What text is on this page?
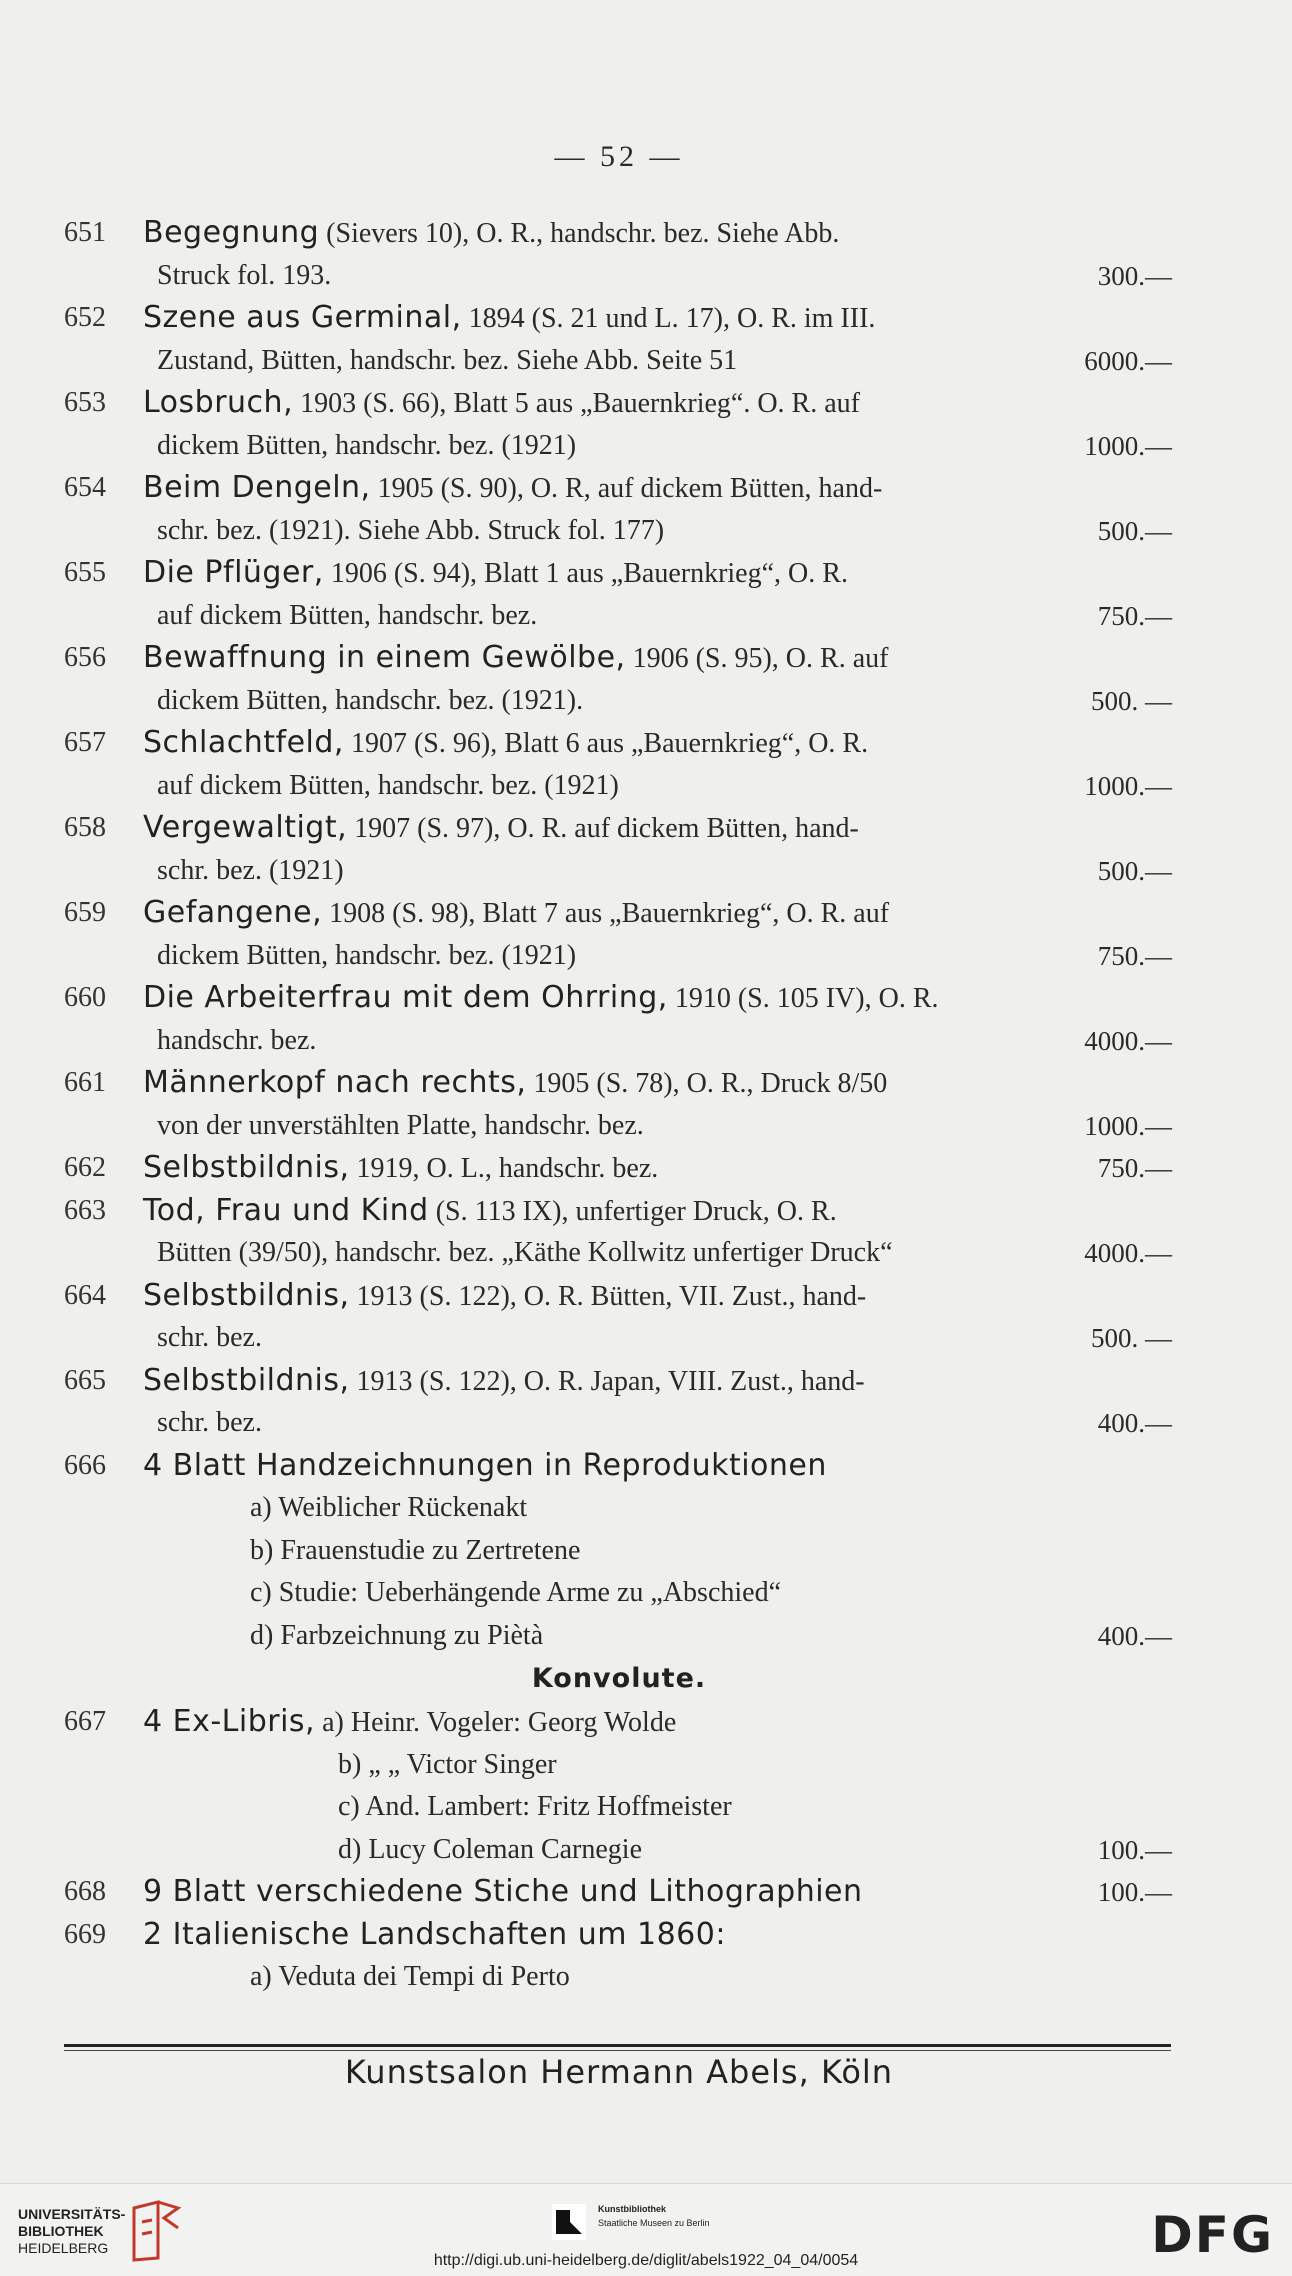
— 52 —
651	Begegnung (Sievers 10), O. R., handschr. bez. Siehe Abb.
Struck fol. 193.	300.—
652	Szene aus Germinal, 1894 (S. 21 und L. 17), O. R. im III.
Zustand, Bütten, handschr. bez. Siehe Abb. Seite 51	6000.—
653	Losbruch, 1903 (S. 66), Blatt 5 aus „Bauernkrieg“. O. R. auf
dickem Bütten, handschr. bez. (1921)	1000.—
654	Beim Dengeln, 1905 (S. 90), O. R, auf dickem Bütten, hand-
schr. bez. (1921). Siehe Abb. Struck fol. 177)	500.—
655	Die Pflüger, 1906 (S. 94), Blatt 1 aus „Bauernkrieg“, O. R.
auf dickem Bütten, handschr. bez.	750.—
656	Bewaffnung in einem Gewölbe, 1906 (S. 95), O. R. auf
dickem Bütten, handschr. bez. (1921).	500. —
657	Schlachtfeld, 1907 (S. 96), Blatt 6 aus „Bauernkrieg“, O. R.
auf dickem Bütten, handschr. bez. (1921)	1000.—
658	Vergewaltigt, 1907 (S. 97), O. R. auf dickem Bütten, hand-
schr. bez. (1921)	500.—
659	Gefangene, 1908 (S. 98), Blatt 7 aus „Bauernkrieg“, O. R. auf
dickem Bütten, handschr. bez. (1921)	750.—
660	Die Arbeiterfrau mit dem Ohrring, 1910 (S. 105 IV), O. R.
handschr. bez.	4000.—
661	Männerkopf nach rechts, 1905 (S. 78), O. R., Druck 8/50
von der unverstählten Platte, handschr. bez.	1000.—
662	Selbstbildnis, 1919, O. L., handschr. bez.	750.—
663	Tod, Frau und Kind (S. 113 IX), unfertiger Druck, O. R.
Bütten (39/50), handschr. bez. „Käthe Kollwitz unfertiger Druck“	4000.—
664	Selbstbildnis, 1913 (S. 122), O. R. Bütten, VII. Zust., hand-
schr. bez.	500. —
665	Selbstbildnis, 1913 (S. 122), O. R. Japan, VIII. Zust., hand-
schr. bez.	400.—
666	4 Blatt Handzeichnungen in Reproduktionen
a) Weiblicher Rückenakt
b) Frauenstudie zu Zertretene
c) Studie: Ueberhängende Arme zu „Abschied“
d) Farbzeichnung zu Piètà	400.—
Konvolute.
667	4 Ex-Libris, a) Heinr. Vogeler: Georg Wolde
b) „ „ Victor Singer
c) And. Lambert: Fritz Hoffmeister
d) Lucy Coleman Carnegie	100.—
668	9 Blatt verschiedene Stiche und Lithographien	100.—
669	2 Italienische Landschaften um 1860:
a) Veduta dei Tempi di Perto
Kunstsalon Hermann Abels, Köln
UNIVERSITÄTS-
BIBLIOTHEK
HEIDELBERG
Kunstbibliothek
Staatliche Museen zu Berlin	DFG
http://digi.ub.uni-heidelberg.de/diglit/abels1922_04_04/0054
